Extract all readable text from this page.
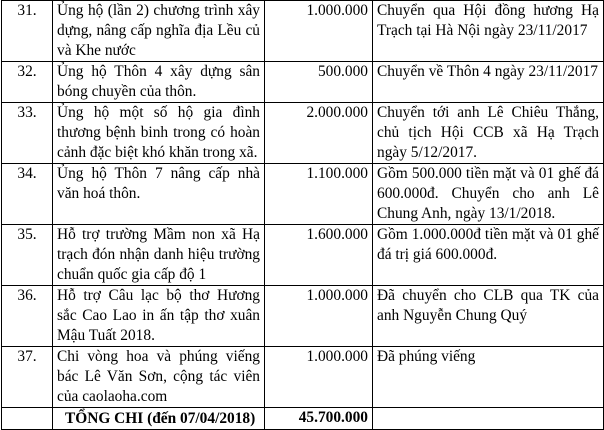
31.	Ủng hộ (lần 2) chương trình xây dựng, nâng cấp nghĩa địa Lều củ và Khe nước	1.000.000	Chuyển qua Hội đồng hương Hạ Trạch tại Hà Nội ngày 23/11/2017
32.	Ủng hộ Thôn 4 xây dựng sân bóng chuyền của thôn.	500.000	Chuyển về Thôn 4 ngày 23/11/2017
33.	Ủng hộ một số hộ gia đình thương bệnh binh trong có hoàn cảnh đặc biệt khó khăn trong xã.	2.000.000	Chuyển tới anh Lê Chiêu Thắng, chủ tịch Hội CCB xã Hạ Trạch ngày 5/12/2017.
34.	Ủng hộ Thôn 7 nâng cấp nhà văn hoá thôn.	1.100.000	Gồm 500.000 tiền mặt và 01 ghế đá 600.000đ. Chuyển cho anh Lê Chung Anh, ngày 13/1/2018.
35.	Hỗ trợ trường Mầm non xã Hạ trạch đón nhận danh hiệu trường chuẩn quốc gia cấp độ 1	1.600.000	Gồm 1.000.000đ tiền mặt và 01 ghế đá trị giá 600.000đ.
36.	Hỗ trợ Câu lạc bộ thơ Hương sắc Cao Lao in ấn tập thơ xuân Mậu Tuất 2018.	1.000.000	Đã chuyển cho CLB qua TK của anh Nguyễn Chung Quý
37.	Chi vòng hoa và phúng viếng bác Lê Văn Sơn, cộng tác viên của caolaoha.com	1.000.000	Đã phúng viếng
	TỔNG CHI (đến 07/04/2018)	45.700.000	
